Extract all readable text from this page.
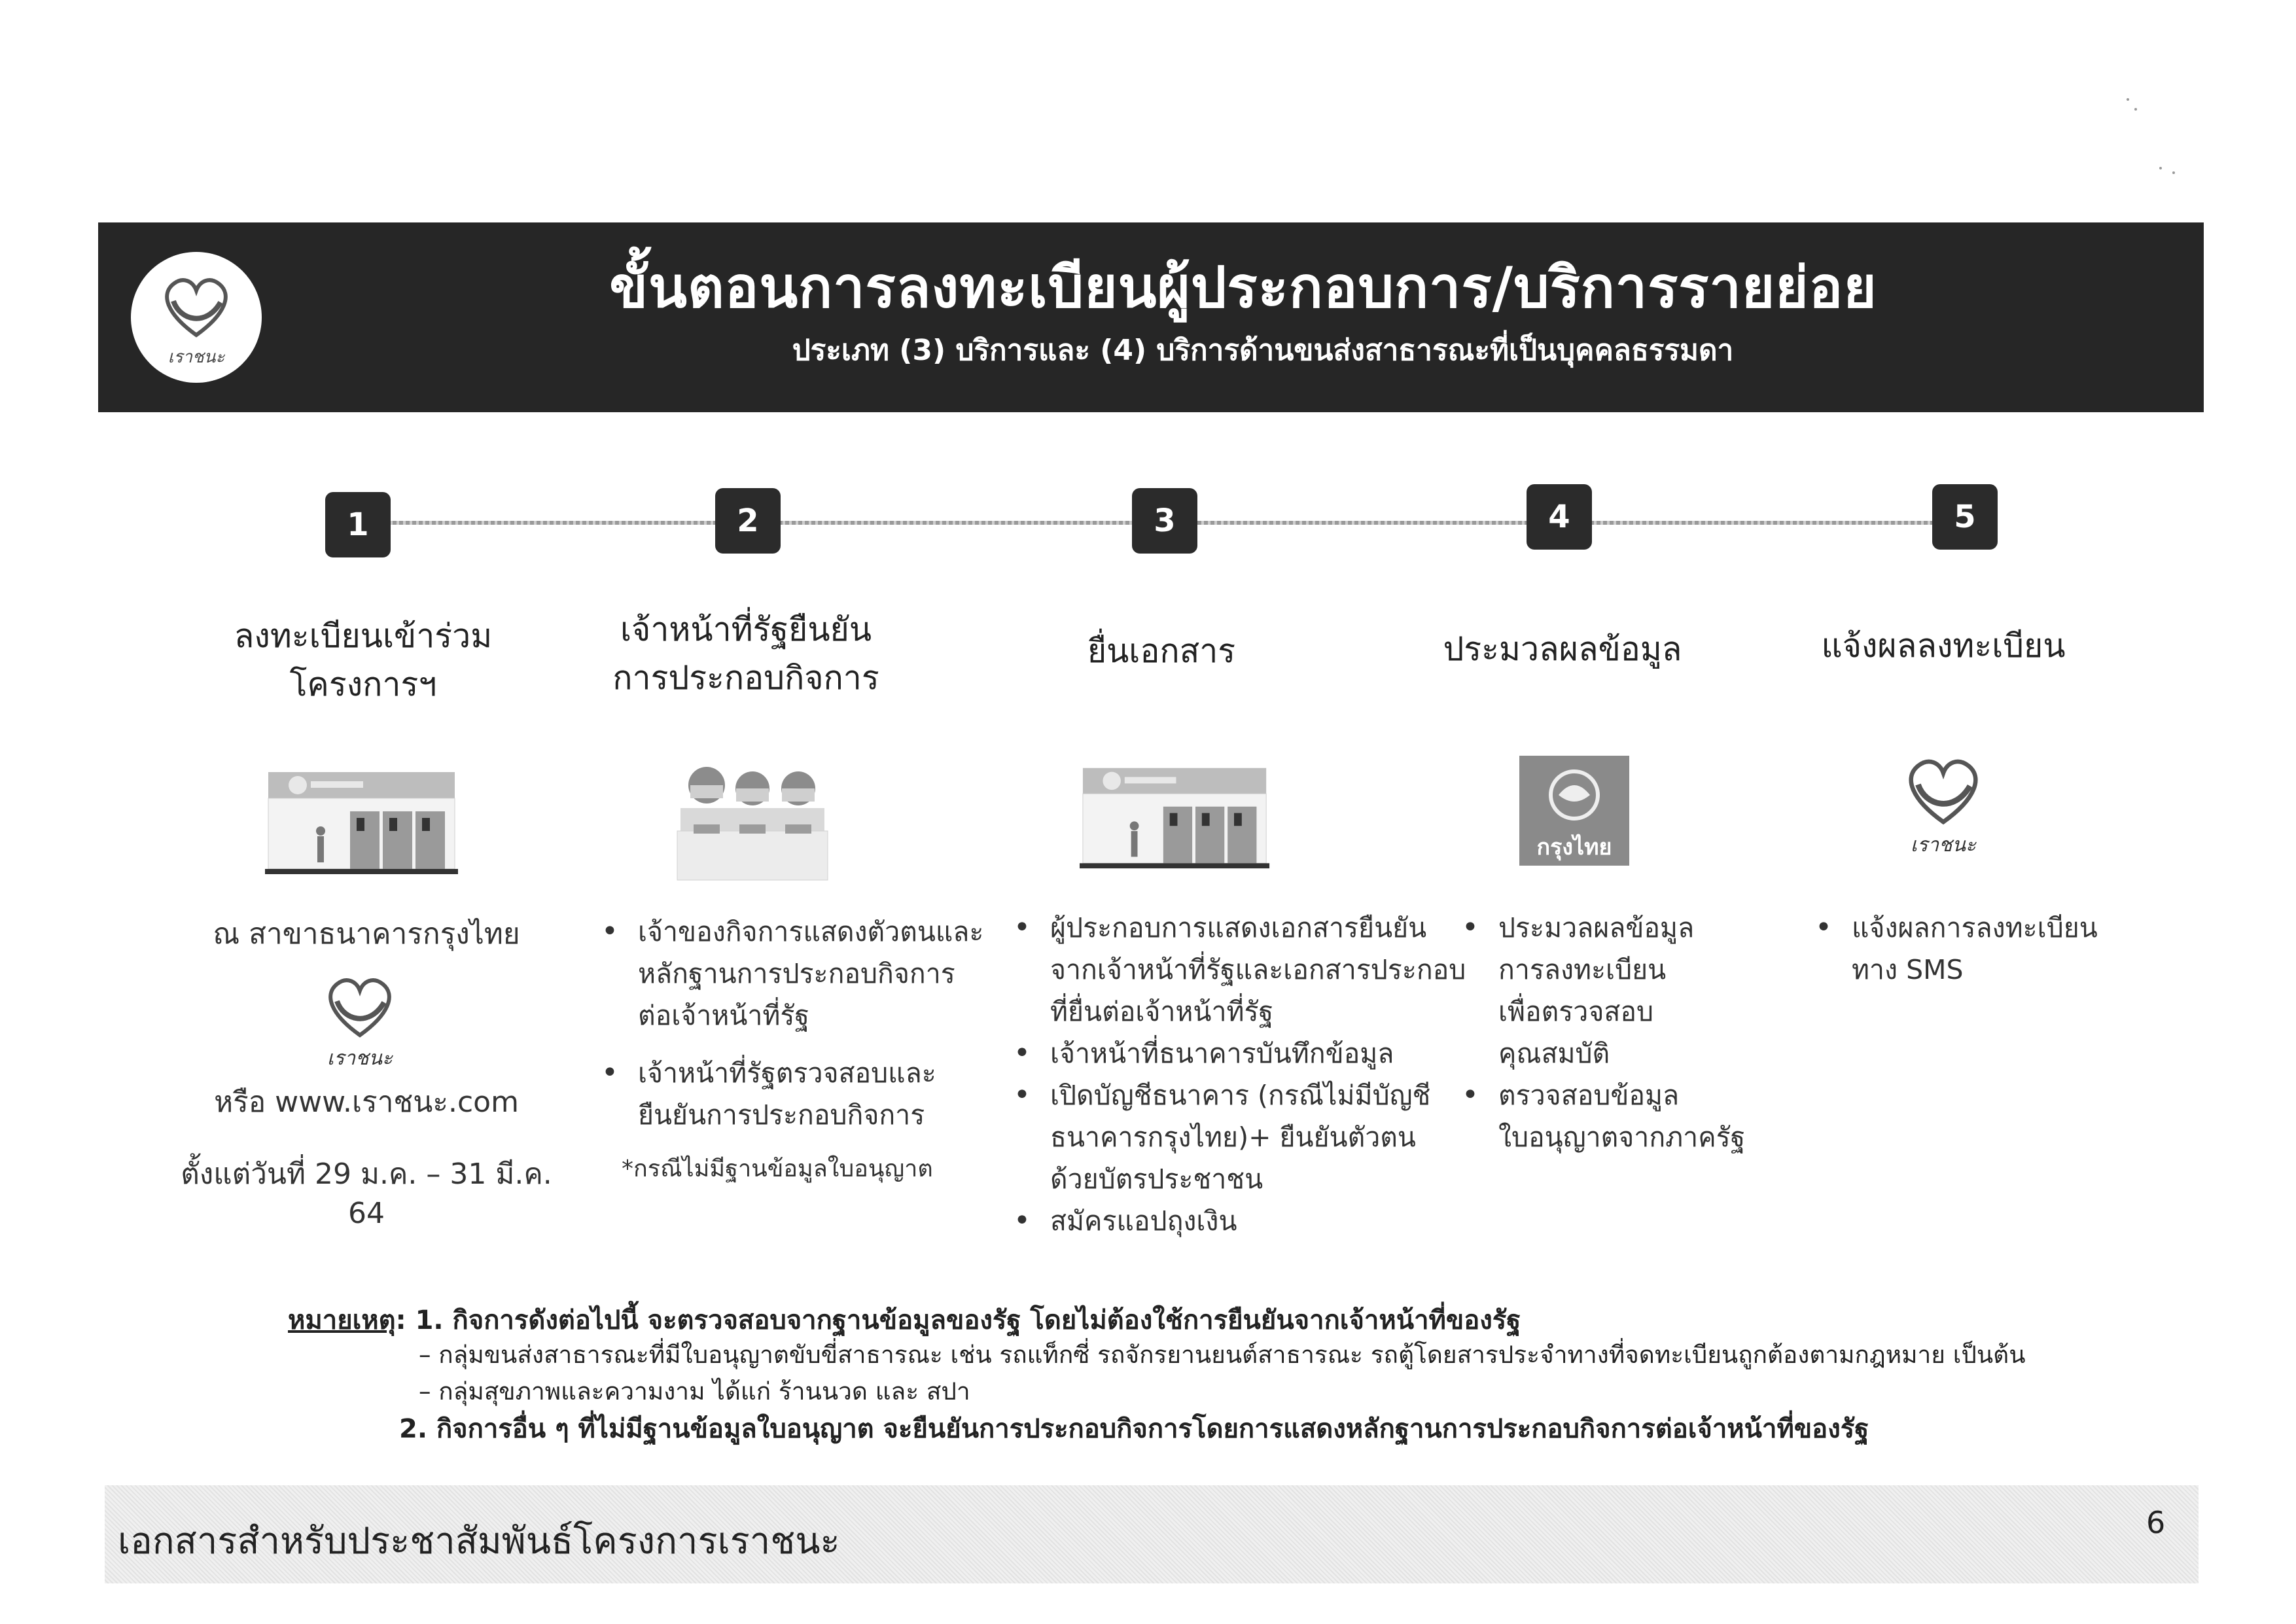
เราชนะ
ขั้นตอนการลงทะเบียนผู้ประกอบการ/บริการรายย่อย
ประเภท (3) บริการและ (4) บริการด้านขนส่งสาธารณะที่เป็นบุคคลธรรมดา
1	2	3	4	5
ลงทะเบียนเข้าร่วม
โครงการฯ
เจ้าหน้าที่รัฐยืนยัน
การประกอบกิจการ
ยื่นเอกสาร	ประมวลผลข้อมูล	แจ้งผลลงทะเบียน
กรุงไทย	เราชนะ
ณ สาขาธนาคารกรุงไทย
เราชนะ
หรือ www.เราชนะ.com
ตั้งแต่วันที่ 29 ม.ค. – 31 มี.ค. 64
• เจ้าของกิจการแสดงตัวตนและ
หลักฐานการประกอบกิจการ
ต่อเจ้าหน้าที่รัฐ
• เจ้าหน้าที่รัฐตรวจสอบและ
ยืนยันการประกอบกิจการ
*กรณีไม่มีฐานข้อมูลใบอนุญาต
• ผู้ประกอบการแสดงเอกสารยืนยัน
จากเจ้าหน้าที่รัฐและเอกสารประกอบ
ที่ยื่นต่อเจ้าหน้าที่รัฐ
• เจ้าหน้าที่ธนาคารบันทึกข้อมูล
• เปิดบัญชีธนาคาร (กรณีไม่มีบัญชี
ธนาคารกรุงไทย)+ ยืนยันตัวตน
ด้วยบัตรประชาชน
• สมัครแอปถุงเงิน
• ประมวลผลข้อมูล
การลงทะเบียน
เพื่อตรวจสอบ
คุณสมบัติ
• ตรวจสอบข้อมูล
ใบอนุญาตจากภาครัฐ
• แจ้งผลการลงทะเบียน
ทาง SMS
หมายเหตุ: 1. กิจการดังต่อไปนี้ จะตรวจสอบจากฐานข้อมูลของรัฐ โดยไม่ต้องใช้การยืนยันจากเจ้าหน้าที่ของรัฐ
– กลุ่มขนส่งสาธารณะที่มีใบอนุญาตขับขี่สาธารณะ เช่น รถแท็กซี่ รถจักรยานยนต์สาธารณะ รถตู้โดยสารประจำทางที่จดทะเบียนถูกต้องตามกฎหมาย เป็นต้น
– กลุ่มสุขภาพและความงาม ได้แก่ ร้านนวด และ สปา
2. กิจการอื่น ๆ ที่ไม่มีฐานข้อมูลใบอนุญาต จะยืนยันการประกอบกิจการโดยการแสดงหลักฐานการประกอบกิจการต่อเจ้าหน้าที่ของรัฐ
เอกสารสำหรับประชาสัมพันธ์โครงการเราชนะ	6
